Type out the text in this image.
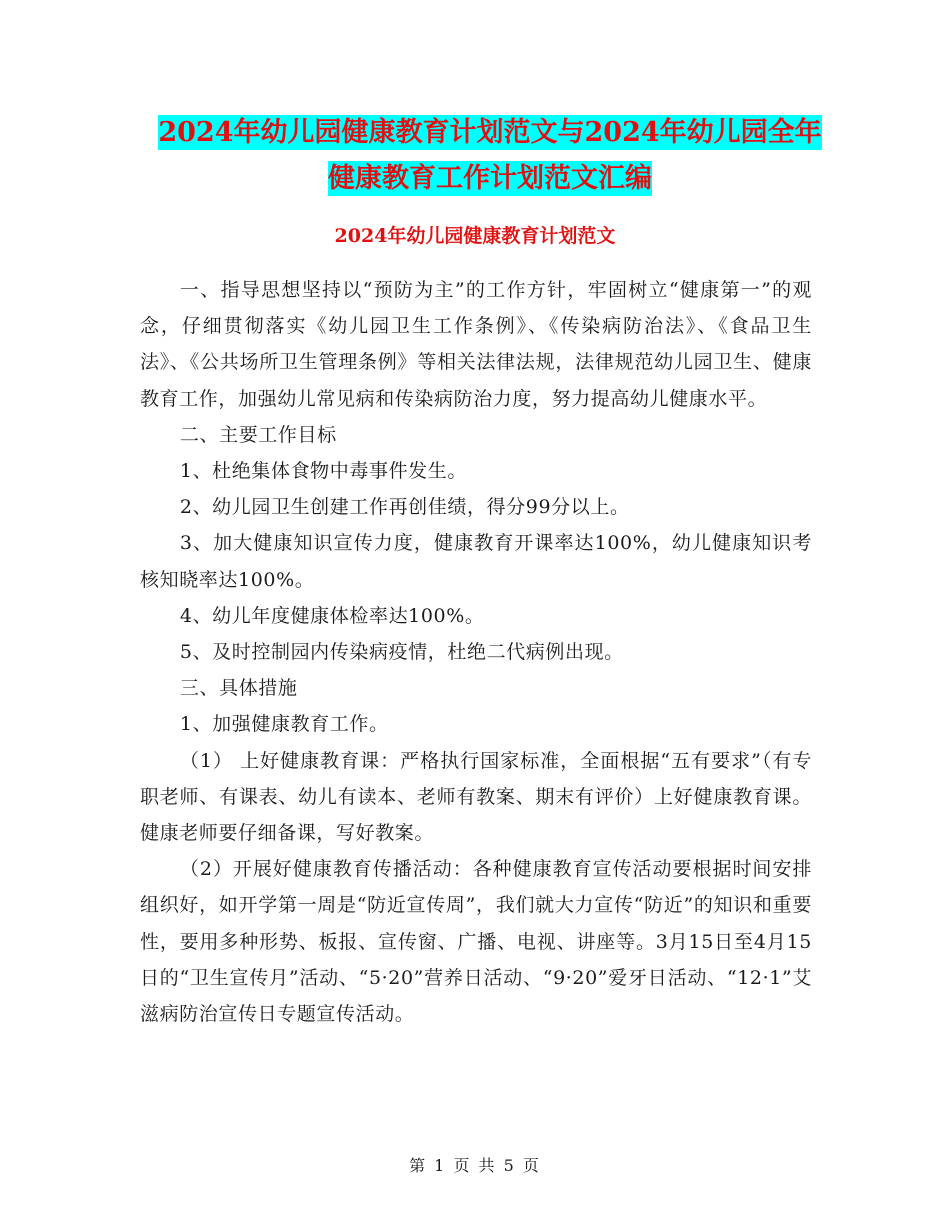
2024年幼儿园健康教育计划范文与2024年幼儿园全年
健康教育工作计划范文汇编
2024年幼儿园健康教育计划范文

一、指导思想坚持以“预防为主”的工作方针，牢固树立“健康第一”的观念，仔细贯彻落实《幼儿园卫生工作条例》、《传染病防治法》、《食品卫生法》、《公共场所卫生管理条例》等相关法律法规，法律规范幼儿园卫生、健康教育工作，加强幼儿常见病和传染病防治力度，努力提高幼儿健康水平。

二、主要工作目标

1、杜绝集体食物中毒事件发生。

2、幼儿园卫生创建工作再创佳绩，得分99分以上。

3、加大健康知识宣传力度，健康教育开课率达100%，幼儿健康知识考核知晓率达100%。

4、幼儿年度健康体检率达100%。

5、及时控制园内传染病疫情，杜绝二代病例出现。

三、具体措施

1、加强健康教育工作。

（1） 上好健康教育课：严格执行国家标准，全面根据“五有要求”（有专职老师、有课表、幼儿有读本、老师有教案、期末有评价）上好健康教育课。健康老师要仔细备课，写好教案。

（2）开展好健康教育传播活动：各种健康教育宣传活动要根据时间安排组织好，如开学第一周是“防近宣传周”，我们就大力宣传“防近”的知识和重要性，要用多种形势、板报、宣传窗、广播、电视、讲座等。3月15日至4月15日的“卫生宣传月”活动、“5·20”营养日活动、“9·20”爱牙日活动、“12·1”艾滋病防治宣传日专题宣传活动。

第 1 页 共 5 页
